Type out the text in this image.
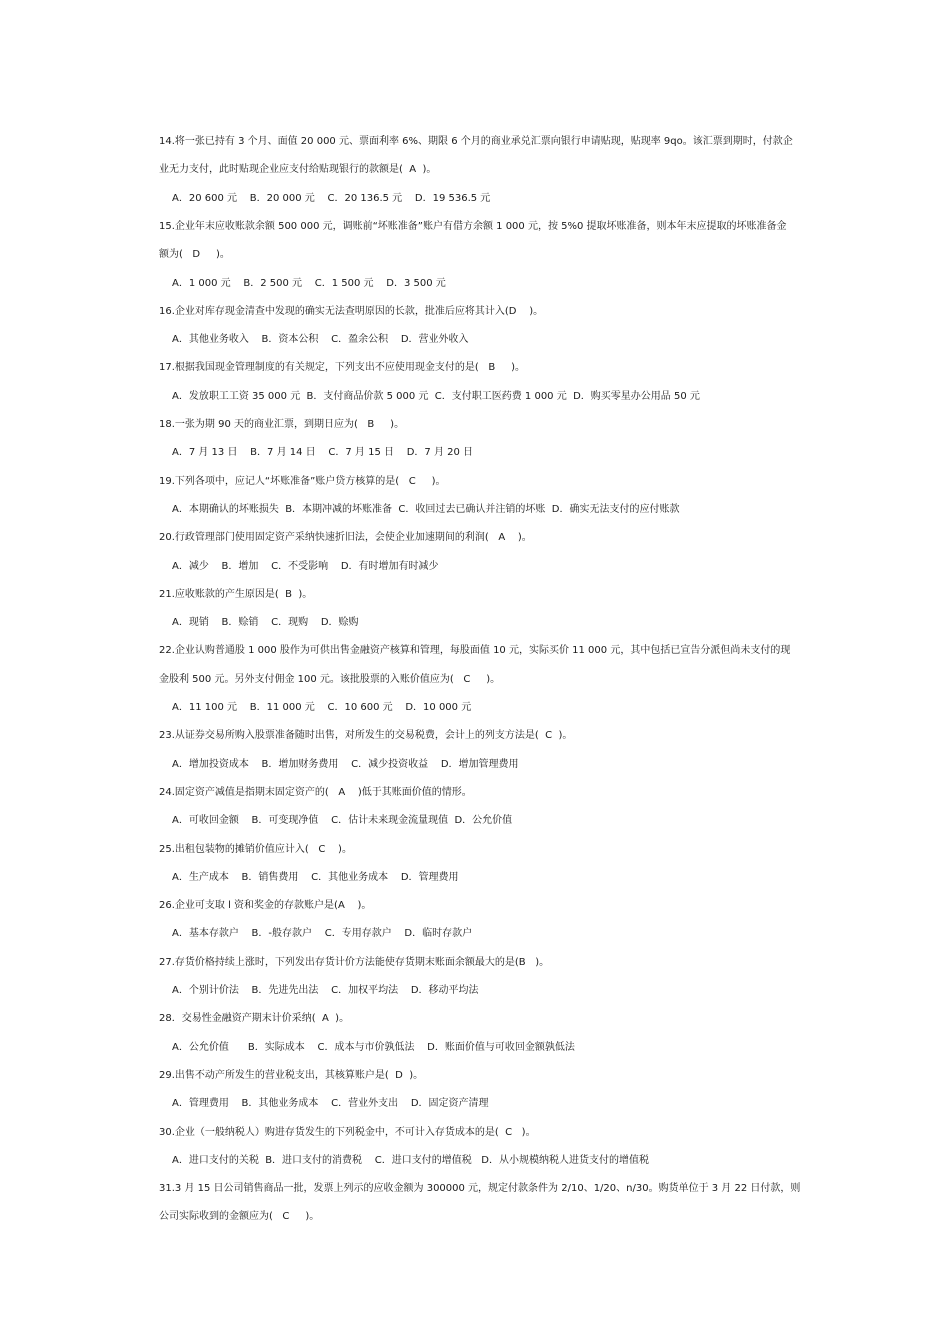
14.将一张已持有 3 个月、面值 20 000 元、票面利率 6%、期限 6 个月的商业承兑汇票向银行申请贴现，贴现率 9qo。该汇票到期时，付款企
业无力支付，此时贴现企业应支付给贴现银行的款额是(  A  )。
A．20 600 元    B．20 000 元    C．20 136.5 元    D．19 536.5 元
15.企业年末应收账款余额 500 000 元，调账前“坏账准备”账户有借方余额 1 000 元，按 5%0 提取坏账准备，则本年末应提取的坏账准备金
额为(   D     )。
A．1 000 元    B．2 500 元    C．1 500 元    D．3 500 元
16.企业对库存现金清查中发现的确实无法查明原因的长款，批准后应将其计入(D    )。
A．其他业务收入    B．资本公积    C．盈余公积    D．营业外收入
17.根据我国现金管理制度的有关规定，下列支出不应使用现金支付的是(   B     )。
A．发放职工工资 35 000 元  B．支付商品价款 5 000 元  C．支付职工医药费 1 000 元  D．购买零星办公用品 50 元
18.一张为期 90 天的商业汇票，到期日应为(   B     )。
A．7 月 13 日    B．7 月 14 日    C．7 月 15 日    D．7 月 20 日
19.下列各项中，应记人“坏账准备”账户贷方核算的是(   C     )。
A．本期确认的坏账损失  B．本期冲减的坏账准备  C．收回过去已确认并注销的坏账  D．确实无法支付的应付账款
20.行政管理部门使用固定资产采纳快速折旧法，会使企业加速期间的利润(   A    )。
A．减少    B．增加    C．不受影响    D．有时增加有时减少
21.应收账款的产生原因是(  B  )。
A．现销    B．赊销    C．现购    D．赊购
22.企业认购普通股 1 000 股作为可供出售金融资产核算和管理，每股面值 10 元，实际买价 11 000 元，其中包括已宣告分派但尚未支付的现
金股利 500 元。另外支付佣金 100 元。该批股票的入账价值应为(   C     )。
A．11 100 元    B．11 000 元    C．10 600 元    D．10 000 元
23.从证券交易所购入股票准备随时出售，对所发生的交易税费，会计上的列支方法是(  C  )。
A．增加投资成本    B．增加财务费用    C．减少投资收益    D．增加管理费用
24.固定资产减值是指期末固定资产的(   A    )低于其账面价值的情形。
A．可收回金额    B．可变现净值    C．估计未来现金流量现值  D．公允价值
25.出租包装物的摊销价值应计入(   C    )。
A．生产成本    B．销售费用    C．其他业务成本    D．管理费用
26.企业可支取 l 资和奖金的存款账户是(A    )。
A．基本存款户    B．-般存款户    C．专用存款户    D．临时存款户
27.存货价格持续上涨时，下列发出存货计价方法能使存货期末账面余额最大的是(B   )。
A．个别计价法    B．先进先出法    C．加权平均法    D．移动平均法
28．交易性金融资产期末计价采纳(  A  )。
A．公允价值      B．实际成本    C．成本与市价孰低法    D．账面价值与可收回金额孰低法
29.出售不动产所发生的营业税支出，其核算账户是(  D  )。
A．管理费用    B．其他业务成本    C．营业外支出    D．固定资产清理
30.企业（一般纳税人）购进存货发生的下列税金中，不可计入存货成本的是(  C   )。
A．进口支付的关税  B．进口支付的消费税    C．进口支付的增值税   D．从小规模纳税人进货支付的增值税
31.3 月 15 日公司销售商品一批，发票上列示的应收金额为 300000 元，规定付款条件为 2/10、1/20、n/30。购货单位于 3 月 22 日付款，则
公司实际收到的金额应为(   C     )。
